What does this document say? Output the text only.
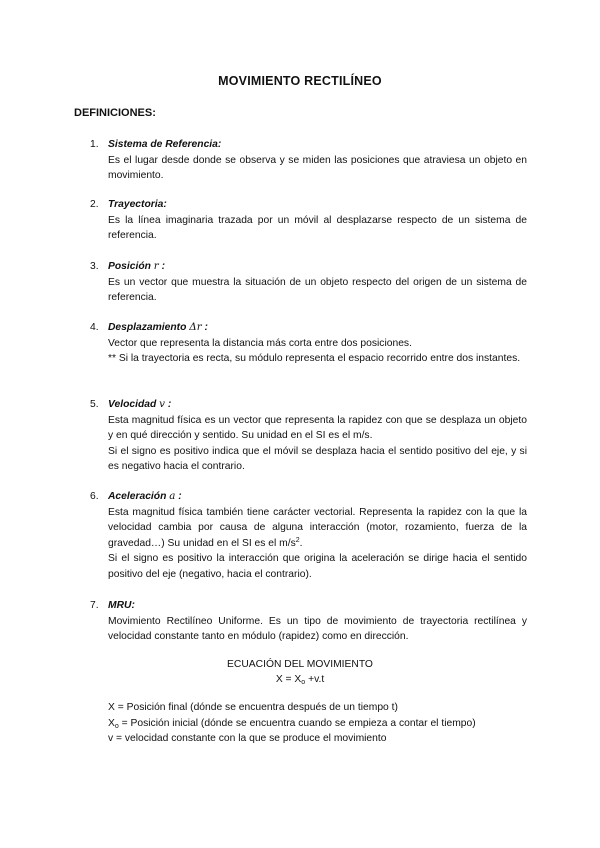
MOVIMIENTO RECTILÍNEO
DEFINICIONES:
1. Sistema de Referencia:
Es el lugar desde donde se observa y se miden las posiciones que atraviesa un objeto en movimiento.
2. Trayectoria:
Es la línea imaginaria trazada por un móvil al desplazarse respecto de un sistema de referencia.
3. Posición r :
Es un vector que muestra la situación de un objeto respecto del origen de un sistema de referencia.
4. Desplazamiento Δr :
Vector que representa la distancia más corta entre dos posiciones.
** Si la trayectoria es recta, su módulo representa el espacio recorrido entre dos instantes.
5. Velocidad v :
Esta magnitud física es un vector que representa la rapidez con que se desplaza un objeto y en qué dirección y sentido. Su unidad en el SI es el m/s.
Si el signo es positivo indica que el móvil se desplaza hacia el sentido positivo del eje, y si es negativo hacia el contrario.
6. Aceleración a :
Esta magnitud física también tiene carácter vectorial. Representa la rapidez con la que la velocidad cambia por causa de alguna interacción (motor, rozamiento, fuerza de la gravedad…) Su unidad en el SI es el $m/s^2$.
Si el signo es positivo la interacción que origina la aceleración se dirige hacia el sentido positivo del eje (negativo, hacia el contrario).
7. MRU:
Movimiento Rectilíneo Uniforme. Es un tipo de movimiento de trayectoria rectilínea y velocidad constante tanto en módulo (rapidez) como en dirección.
ECUACIÓN DEL MOVIMIENTO
$X = X_o +v.t$
X = Posición final (dónde se encuentra después de un tiempo t)
$X_o$ = Posición inicial (dónde se encuentra cuando se empieza a contar el tiempo)
v = velocidad constante con la que se produce el movimiento
